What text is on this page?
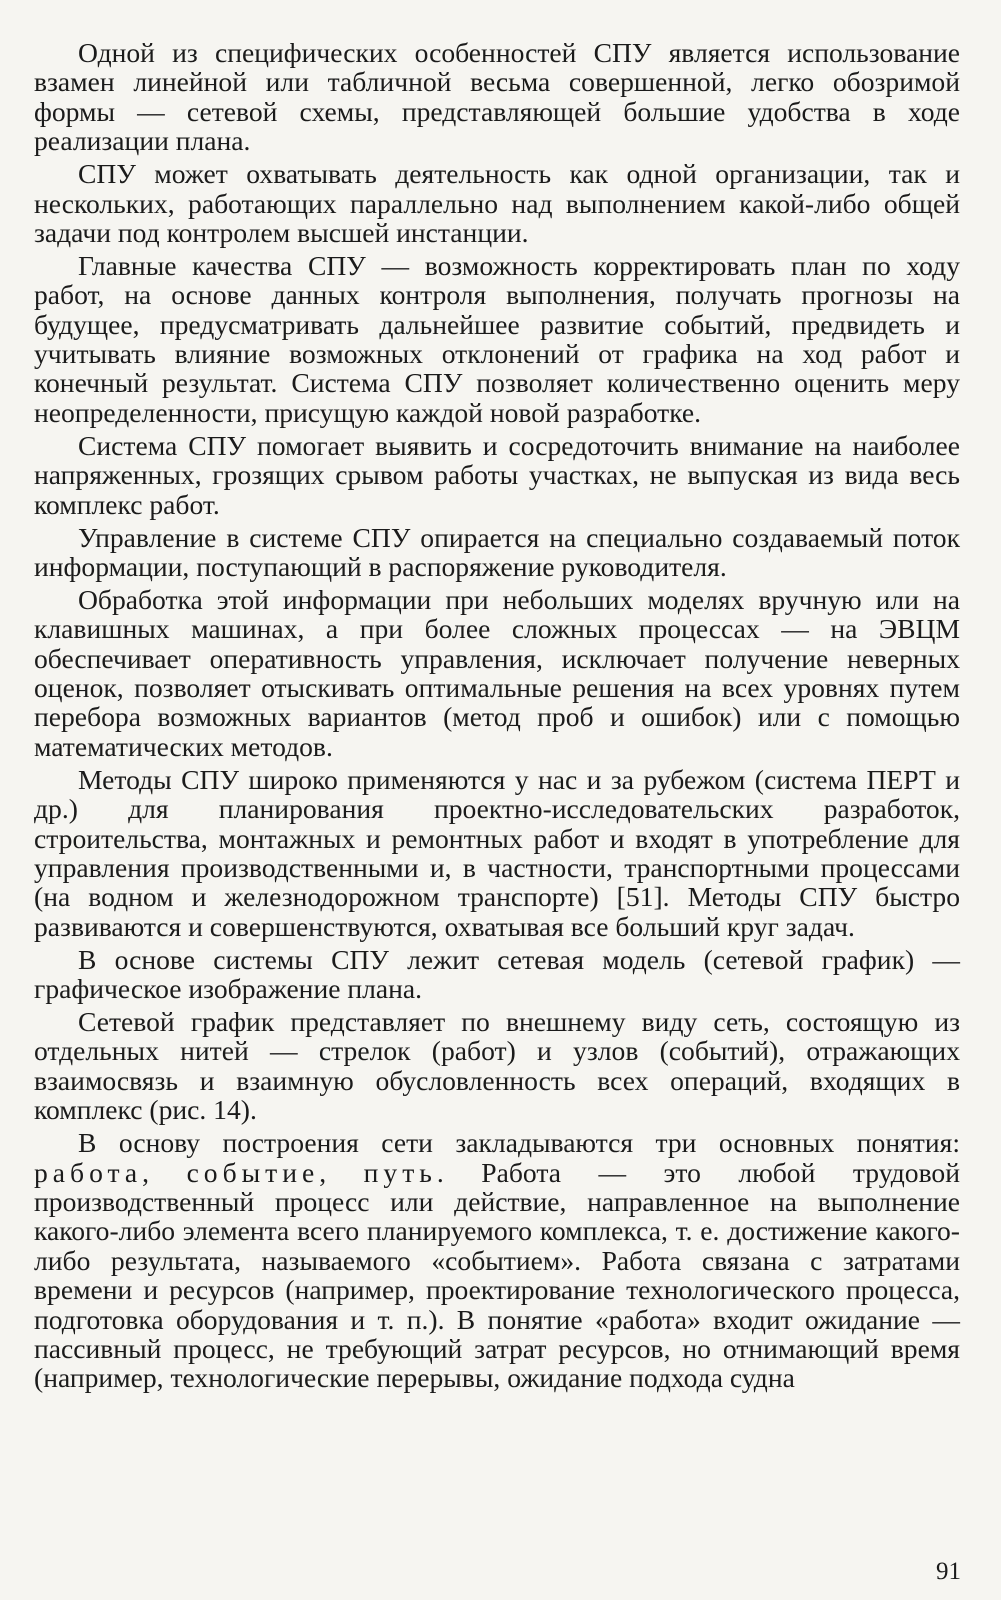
Одной из специфических особенностей СПУ является использование взамен линейной или табличной весьма совершенной, легко обозримой формы — сетевой схемы, представляющей большие удобства в ходе реализации плана.

СПУ может охватывать деятельность как одной организации, так и нескольких, работающих параллельно над выполнением какой-либо общей задачи под контролем высшей инстанции.

Главные качества СПУ — возможность корректировать план по ходу работ, на основе данных контроля выполнения, получать прогнозы на будущее, предусматривать дальнейшее развитие событий, предвидеть и учитывать влияние возможных отклонений от графика на ход работ и конечный результат. Система СПУ позволяет количественно оценить меру неопределенности, присущую каждой новой разработке.

Система СПУ помогает выявить и сосредоточить внимание на наиболее напряженных, грозящих срывом работы участках, не выпуская из вида весь комплекс работ.

Управление в системе СПУ опирается на специально создаваемый поток информации, поступающий в распоряжение руководителя.

Обработка этой информации при небольших моделях вручную или на клавишных машинах, а при более сложных процессах — на ЭВЦМ обеспечивает оперативность управления, исключает получение неверных оценок, позволяет отыскивать оптимальные решения на всех уровнях путем перебора возможных вариантов (метод проб и ошибок) или с помощью математических методов.

Методы СПУ широко применяются у нас и за рубежом (система ПЕРТ и др.) для планирования проектно-исследовательских разработок, строительства, монтажных и ремонтных работ и входят в употребление для управления производственными и, в частности, транспортными процессами (на водном и железнодорожном транспорте) [51]. Методы СПУ быстро развиваются и совершенствуются, охватывая все больший круг задач.

В основе системы СПУ лежит сетевая модель (сетевой график) — графическое изображение плана.

Сетевой график представляет по внешнему виду сеть, состоящую из отдельных нитей — стрелок (работ) и узлов (событий), отражающих взаимосвязь и взаимную обусловленность всех операций, входящих в комплекс (рис. 14).

В основу построения сети закладываются три основных понятия: работа, событие, путь. Работа — это любой трудовой производственный процесс или действие, направленное на выполнение какого-либо элемента всего планируемого комплекса, т. е. достижение какого-либо результата, называемого «событием». Работа связана с затратами времени и ресурсов (например, проектирование технологического процесса, подготовка оборудования и т. п.). В понятие «работа» входит ожидание — пассивный процесс, не требующий затрат ресурсов, но отнимающий время (например, технологические перерывы, ожидание подхода судна

91
